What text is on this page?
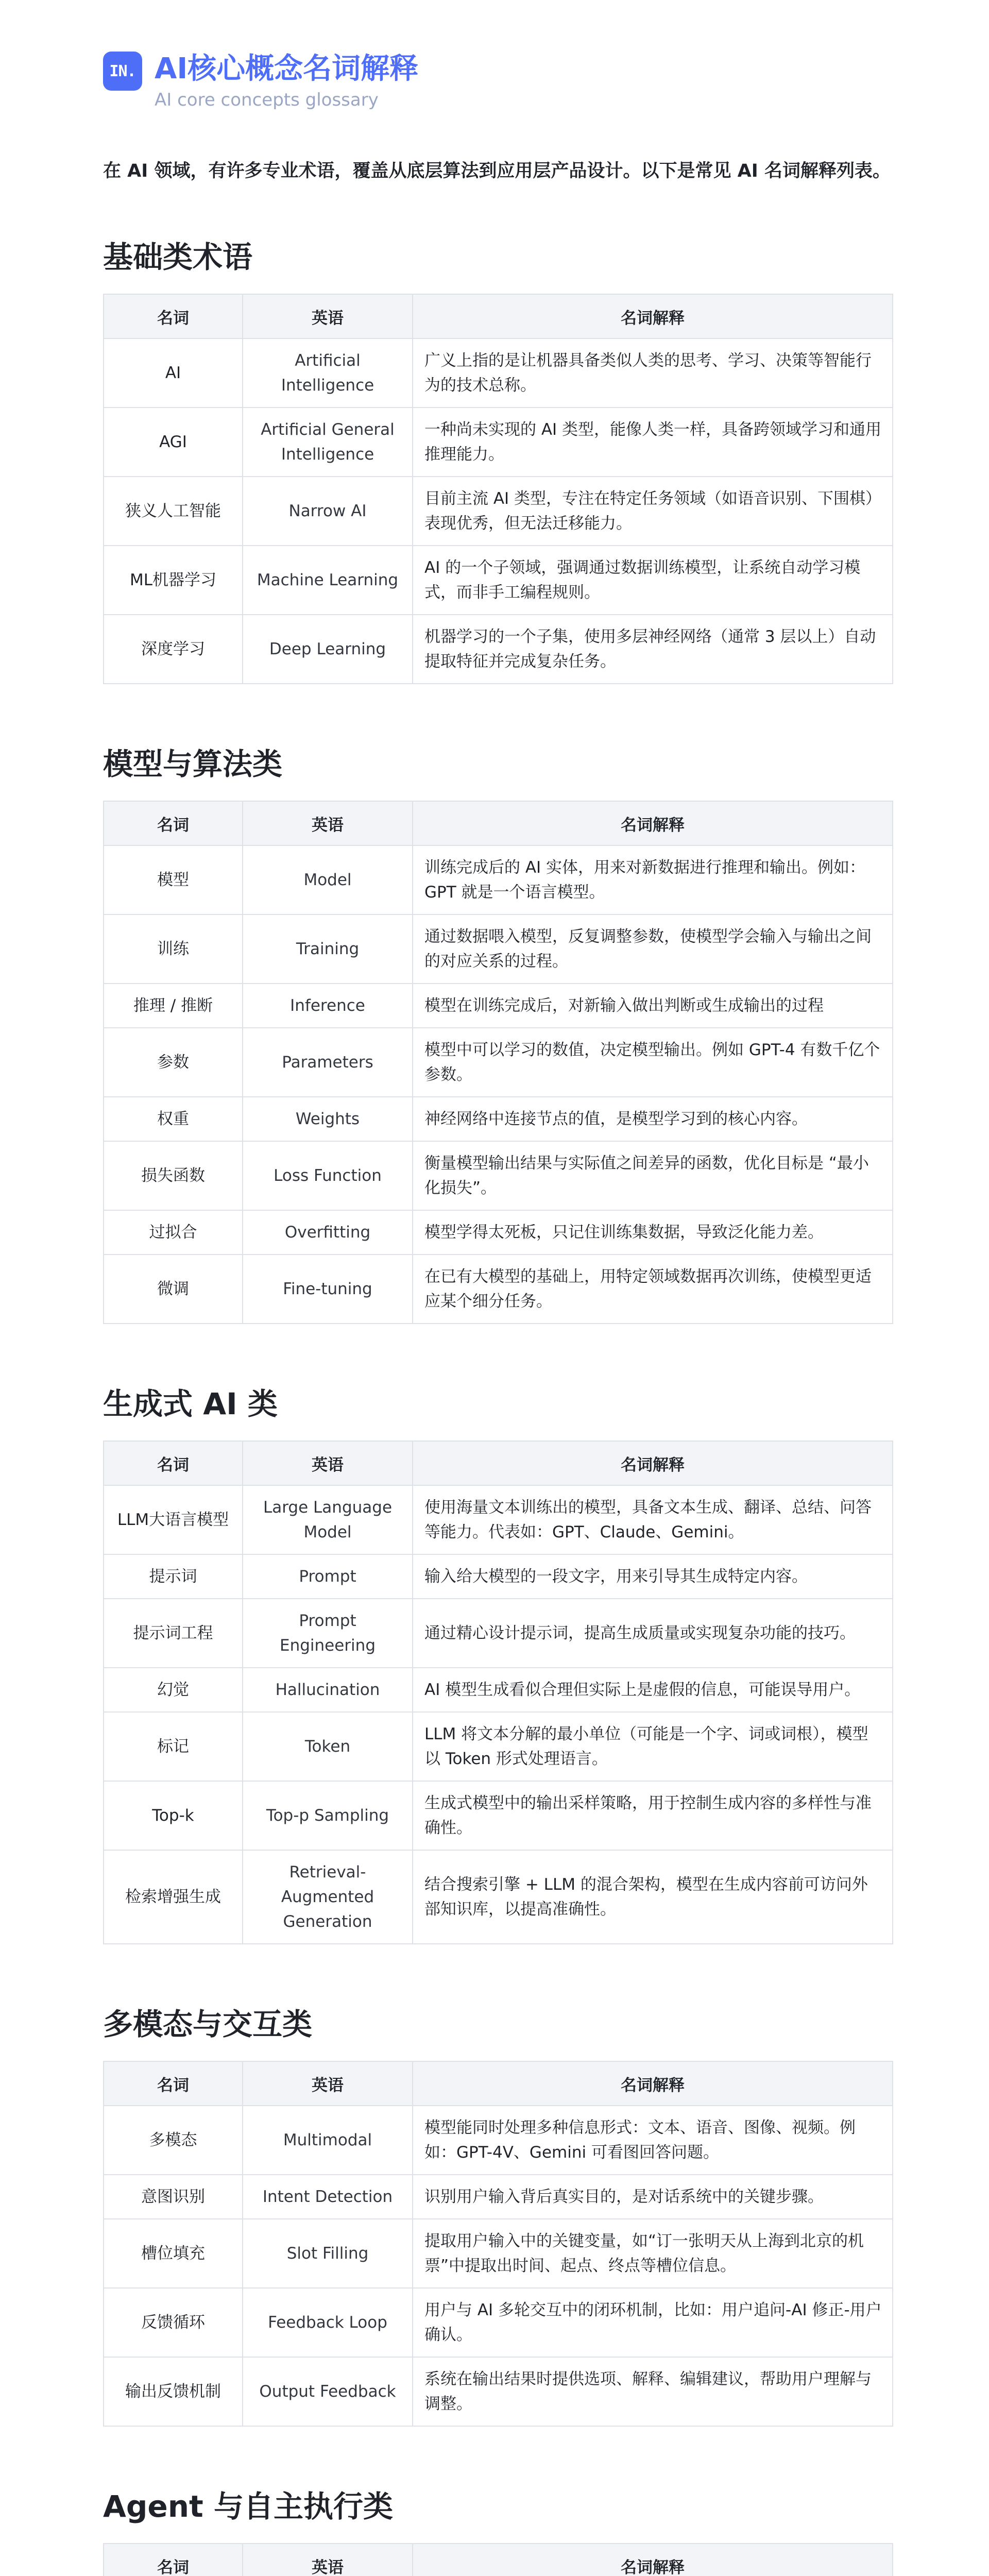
IN. AI核心概念名词解释
AI core concepts glossary

在 AI 领域，有许多专业术语，覆盖从底层算法到应用层产品设计。以下是常见 AI 名词解释列表。

基础类术语
名词	英语	名词解释
AI	Artificial Intelligence	广义上指的是让机器具备类似人类的思考、学习、决策等智能行为的技术总称。
AGI	Artificial General Intelligence	一种尚未实现的 AI 类型，能像人类一样，具备跨领域学习和通用推理能力。
狭义人工智能	Narrow AI	目前主流 AI 类型，专注在特定任务领域（如语音识别、下围棋）表现优秀，但无法迁移能力。
ML机器学习	Machine Learning	AI 的一个子领域，强调通过数据训练模型，让系统自动学习模式，而非手工编程规则。
深度学习	Deep Learning	机器学习的一个子集，使用多层神经网络（通常 3 层以上）自动提取特征并完成复杂任务。
模型与算法类
名词	英语	名词解释
模型	Model	训练完成后的 AI 实体，用来对新数据进行推理和输出。例如：GPT 就是一个语言模型。
训练	Training	通过数据喂入模型，反复调整参数，使模型学会输入与输出之间的对应关系的过程。
推理 / 推断	Inference	模型在训练完成后，对新输入做出判断或生成输出的过程
参数	Parameters	模型中可以学习的数值，决定模型输出。例如 GPT-4 有数千亿个参数。
权重	Weights	神经网络中连接节点的值，是模型学习到的核心内容。
损失函数	Loss Function	衡量模型输出结果与实际值之间差异的函数，优化目标是 “最小化损失”。
过拟合	Overfitting	模型学得太死板，只记住训练集数据，导致泛化能力差。
微调	Fine-tuning	在已有大模型的基础上，用特定领域数据再次训练，使模型更适应某个细分任务。
生成式 AI 类
名词	英语	名词解释
LLM大语言模型	Large Language Model	使用海量文本训练出的模型，具备文本生成、翻译、总结、问答等能力。代表如：GPT、Claude、Gemini。
提示词	Prompt	输入给大模型的一段文字，用来引导其生成特定内容。
提示词工程	Prompt Engineering	通过精心设计提示词，提高生成质量或实现复杂功能的技巧。
幻觉	Hallucination	AI 模型生成看似合理但实际上是虚假的信息，可能误导用户。
标记	Token	LLM 将文本分解的最小单位（可能是一个字、词或词根），模型以 Token 形式处理语言。
Top-k	Top-p Sampling	生成式模型中的输出采样策略，用于控制生成内容的多样性与准确性。
检索增强生成	Retrieval-Augmented Generation	结合搜索引擎 + LLM 的混合架构，模型在生成内容前可访问外部知识库，以提高准确性。
多模态与交互类
名词	英语	名词解释
多模态	Multimodal	模型能同时处理多种信息形式：文本、语音、图像、视频。例如：GPT-4V、Gemini 可看图回答问题。
意图识别	Intent Detection	识别用户输入背后真实目的，是对话系统中的关键步骤。
槽位填充	Slot Filling	提取用户输入中的关键变量，如“订一张明天从上海到北京的机票”中提取出时间、起点、终点等槽位信息。
反馈循环	Feedback Loop	用户与 AI 多轮交互中的闭环机制，比如：用户追问-AI 修正-用户确认。
输出反馈机制	Output Feedback	系统在输出结果时提供选项、解释、编辑建议，帮助用户理解与调整。
Agent 与自主执行类
名词	英语	名词解释
